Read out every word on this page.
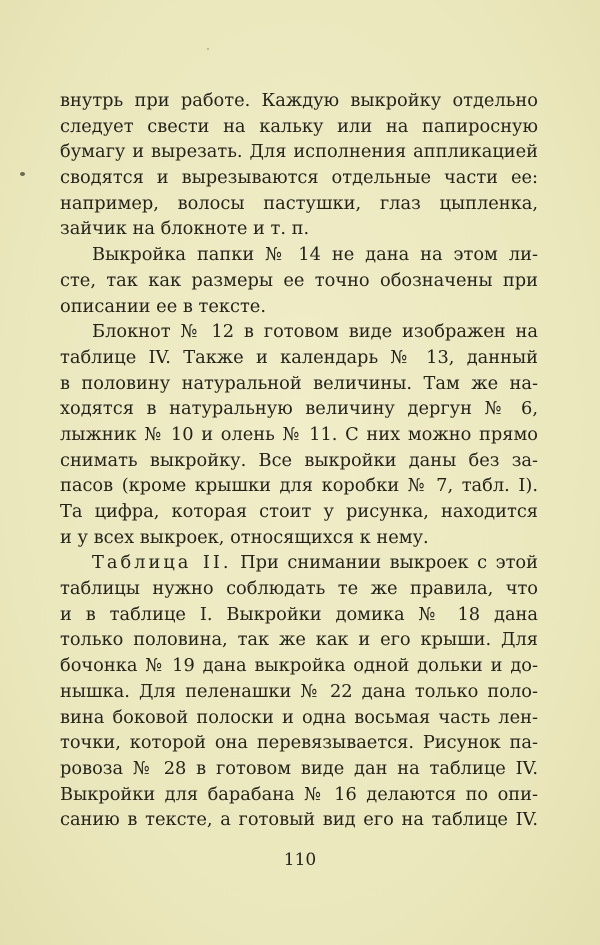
внутрь при работе. Каждую выкройку отдельно
следует свести на кальку или на папиросную
бумагу и вырезать. Для исполнения аппликацией
сводятся и вырезываются отдельные части ее:
например, волосы пастушки, глаз цыпленка,
зайчик на блокноте и т. п.
Выкройка папки № 14 не дана на этом ли-
сте, так как размеры ее точно обозначены при
описании ее в тексте.
Блокнот № 12 в готовом виде изображен на
таблице IV. Также и календарь № 13, данный
в половину натуральной величины. Там же на-
ходятся в натуральную величину дергун № 6,
лыжник № 10 и олень № 11. С них можно прямо
снимать выкройку. Все выкройки даны без за-
пасов (кроме крышки для коробки № 7, табл. I).
Та цифра, которая стоит у рисунка, находится
и у всех выкроек, относящихся к нему.
Таблица II. При снимании выкроек с этой
таблицы нужно соблюдать те же правила, что
и в таблице I. Выкройки домика № 18 дана
только половина, так же как и его крыши. Для
бочонка № 19 дана выкройка одной дольки и до-
нышка. Для пеленашки № 22 дана только поло-
вина боковой полоски и одна восьмая часть лен-
точки, которой она перевязывается. Рисунок па-
ровоза № 28 в готовом виде дан на таблице IV.
Выкройки для барабана № 16 делаются по опи-
санию в тексте, а готовый вид его на таблице IV.
110
